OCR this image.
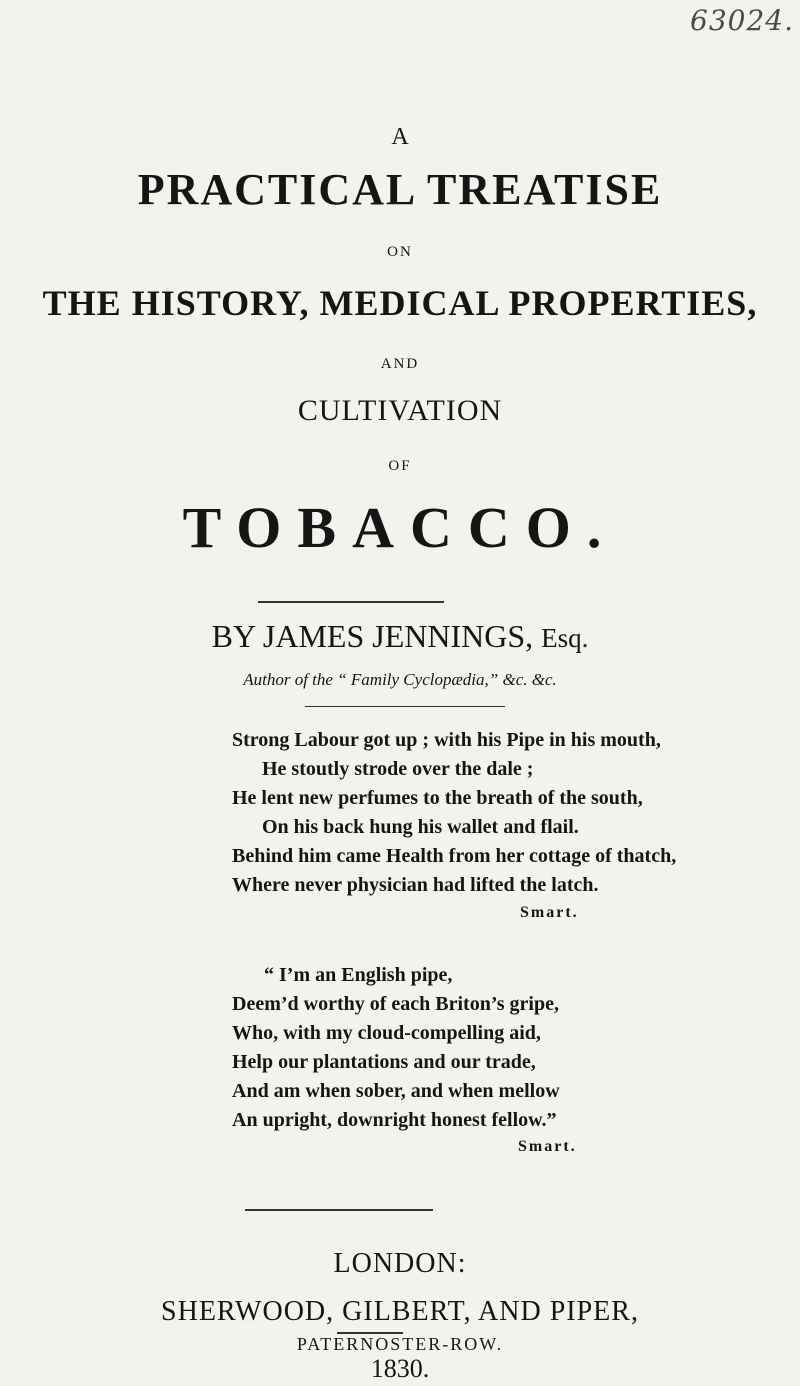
63024.
A
PRACTICAL TREATISE
ON
THE HISTORY, MEDICAL PROPERTIES,
AND
CULTIVATION
OF
TOBACCO.
BY JAMES JENNINGS, Esq.
Author of the “ Family Cyclopædia,” &c. &c.
Strong Labour got up ; with his Pipe in his mouth,
He stoutly strode over the dale ;
He lent new perfumes to the breath of the south,
On his back hung his wallet and flail.
Behind him came Health from her cottage of thatch,
Where never physician had lifted the latch.
Smart.
“ I’m an English pipe,
Deem’d worthy of each Briton’s gripe,
Who, with my cloud-compelling aid,
Help our plantations and our trade,
And am when sober, and when mellow
An upright, downright honest fellow.”
Smart.
LONDON:
SHERWOOD, GILBERT, AND PIPER,
PATERNOSTER-ROW.
1830.
